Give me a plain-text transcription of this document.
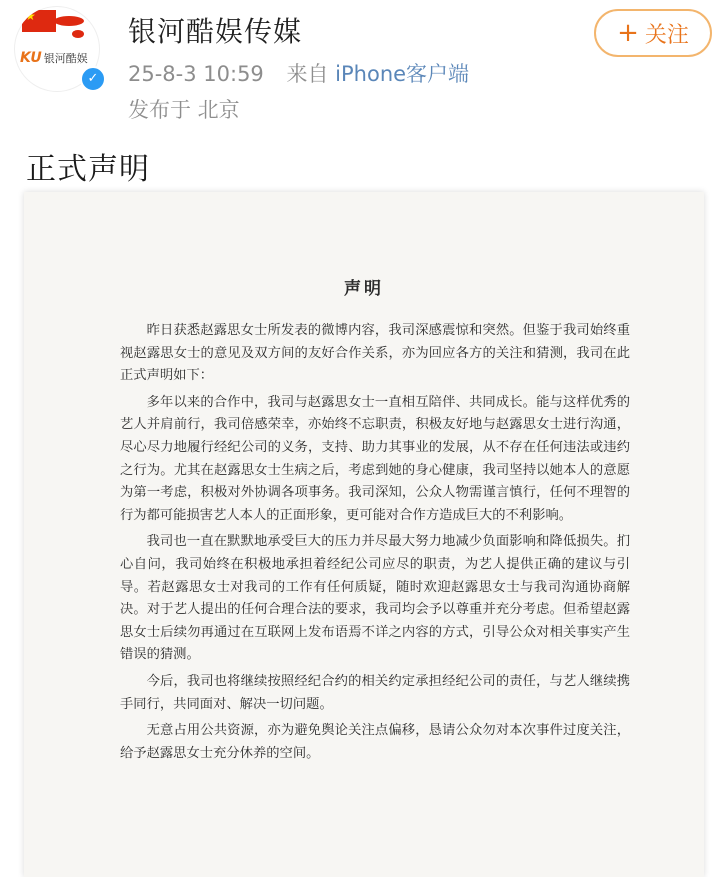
★
KU 银河酷娱
✓
银河酷娱传媒
25-8-3 10:59 来自 iPhone客户端
发布于 北京
+ 关注
正式声明
声明

昨日获悉赵露思女士所发表的微博内容，我司深感震惊和突然。但鉴于我司始终重视赵露思女士的意见及双方间的友好合作关系，亦为回应各方的关注和猜测，我司在此正式声明如下：

多年以来的合作中，我司与赵露思女士一直相互陪伴、共同成长。能与这样优秀的艺人并肩前行，我司倍感荣幸，亦始终不忘职责，积极友好地与赵露思女士进行沟通，尽心尽力地履行经纪公司的义务，支持、助力其事业的发展，从不存在任何违法或违约之行为。尤其在赵露思女士生病之后，考虑到她的身心健康，我司坚持以她本人的意愿为第一考虑，积极对外协调各项事务。我司深知，公众人物需谨言慎行，任何不理智的行为都可能损害艺人本人的正面形象，更可能对合作方造成巨大的不利影响。

我司也一直在默默地承受巨大的压力并尽最大努力地减少负面影响和降低损失。扪心自问，我司始终在积极地承担着经纪公司应尽的职责，为艺人提供正确的建议与引导。若赵露思女士对我司的工作有任何质疑，随时欢迎赵露思女士与我司沟通协商解决。对于艺人提出的任何合理合法的要求，我司均会予以尊重并充分考虑。但希望赵露思女士后续勿再通过在互联网上发布语焉不详之内容的方式，引导公众对相关事实产生错误的猜测。

今后，我司也将继续按照经纪合约的相关约定承担经纪公司的责任，与艺人继续携手同行，共同面对、解决一切问题。

无意占用公共资源，亦为避免舆论关注点偏移，恳请公众勿对本次事件过度关注，给予赵露思女士充分休养的空间。
